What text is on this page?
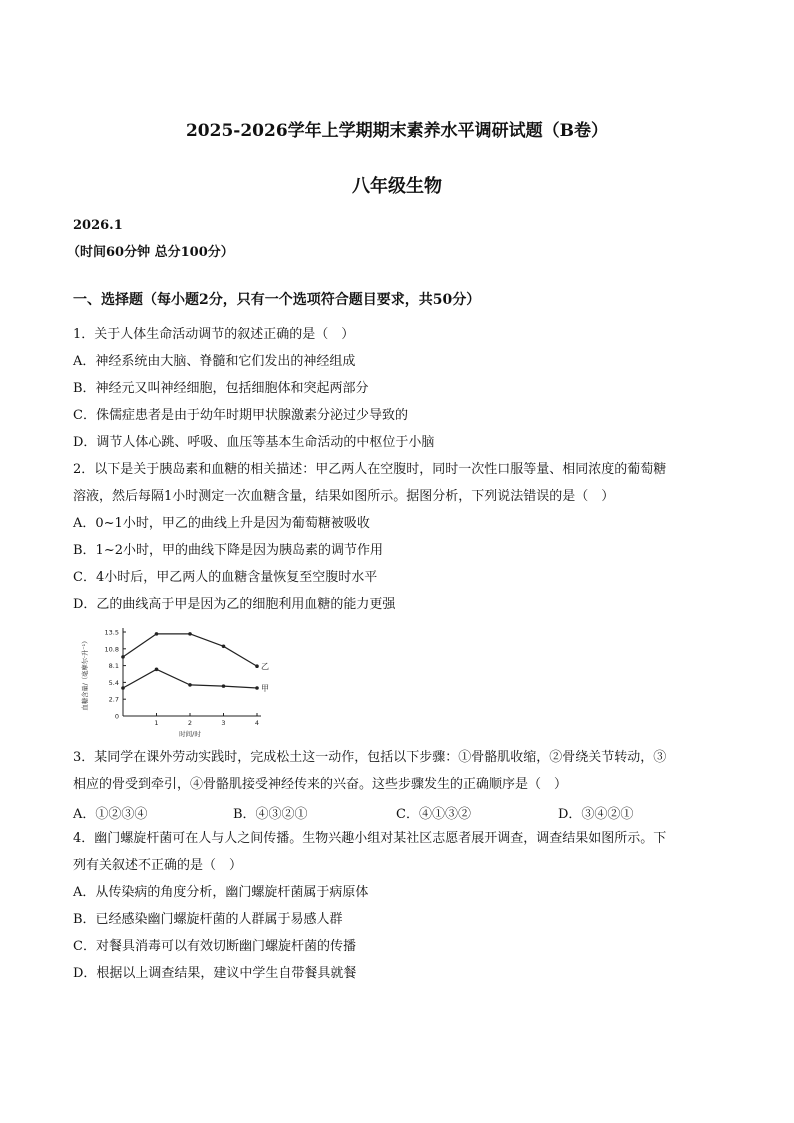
2025-2026学年上学期期末素养水平调研试题（B卷）
八年级生物
2026.1
（时间60分钟 总分100分）
一、选择题（每小题2分，只有一个选项符合题目要求，共50分）
1．关于人体生命活动调节的叙述正确的是（　）
A．神经系统由大脑、脊髓和它们发出的神经组成
B．神经元又叫神经细胞，包括细胞体和突起两部分
C．侏儒症患者是由于幼年时期甲状腺激素分泌过少导致的
D．调节人体心跳、呼吸、血压等基本生命活动的中枢位于小脑
2．以下是关于胰岛素和血糖的相关描述：甲乙两人在空腹时，同时一次性口服等量、相同浓度的葡萄糖
溶液，然后每隔1小时测定一次血糖含量，结果如图所示。据图分析，下列说法错误的是（　）
A．0~1小时，甲乙的曲线上升是因为葡萄糖被吸收
B．1~2小时，甲的曲线下降是因为胰岛素的调节作用
C．4小时后，甲乙两人的血糖含量恢复至空腹时水平
D．乙的曲线高于甲是因为乙的细胞利用血糖的能力更强
0
2.7
5.4
8.1
10.8
13.5
1	2	3	4
时间/时
血糖含量/（毫摩尔·升⁻¹）	乙
甲
3．某同学在课外劳动实践时，完成松土这一动作，包括以下步骤：①骨骼肌收缩，②骨绕关节转动，③
相应的骨受到牵引，④骨骼肌接受神经传来的兴奋。这些步骤发生的正确顺序是（　）
A．①②③④	B．④③②①	C．④①③②	D．③④②①
4．幽门螺旋杆菌可在人与人之间传播。生物兴趣小组对某社区志愿者展开调查，调查结果如图所示。下
列有关叙述不正确的是（　）
A．从传染病的角度分析，幽门螺旋杆菌属于病原体
B．已经感染幽门螺旋杆菌的人群属于易感人群
C．对餐具消毒可以有效切断幽门螺旋杆菌的传播
D．根据以上调查结果，建议中学生自带餐具就餐
